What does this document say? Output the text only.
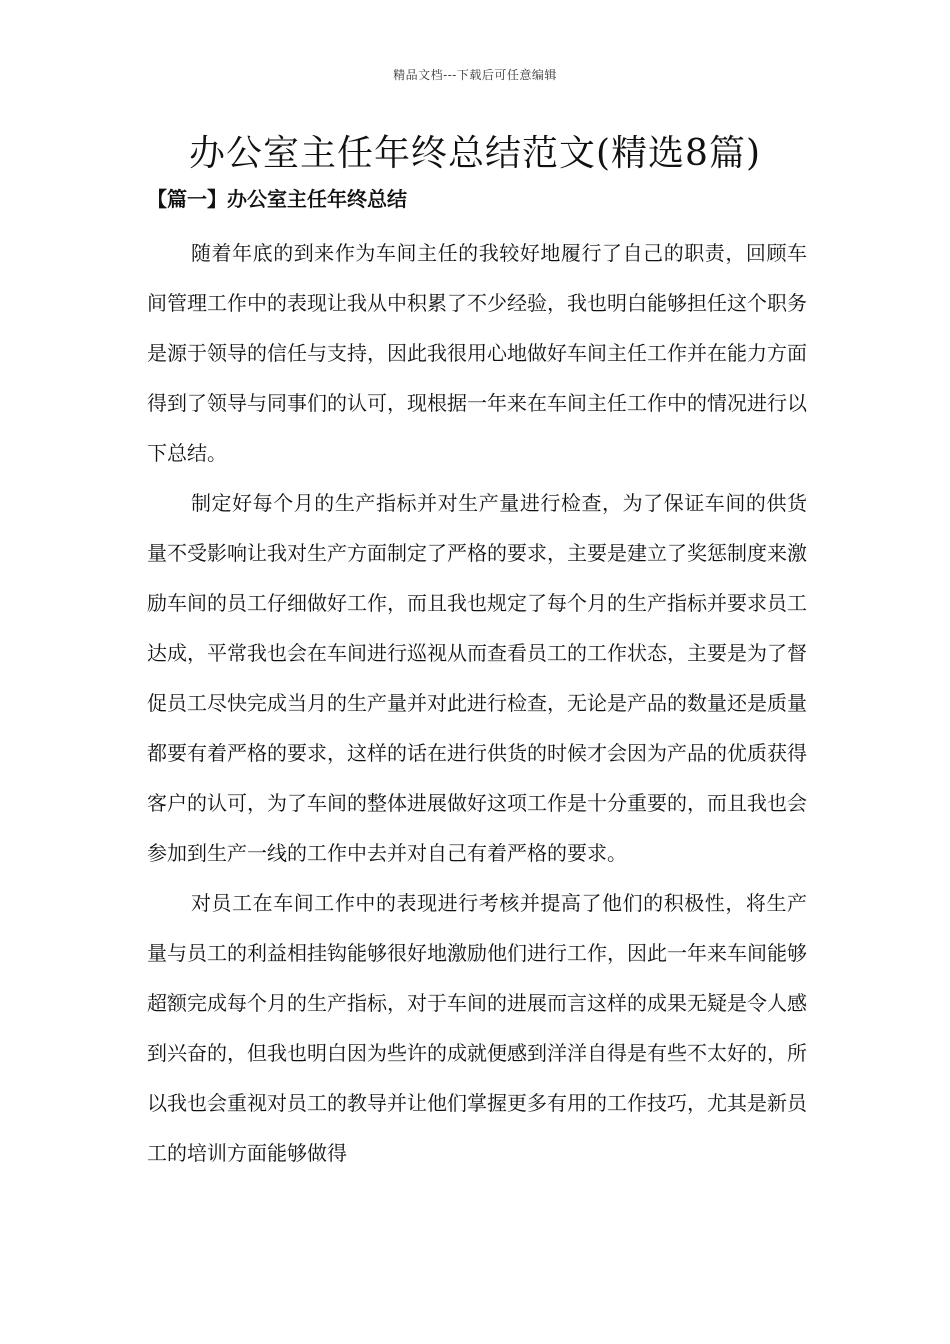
精品文档---下载后可任意编辑
办公室主任年终总结范文(精选8篇)
【篇一】办公室主任年终总结

随着年底的到来作为车间主任的我较好地履行了自己的职责，回顾车间管理工作中的表现让我从中积累了不少经验，我也明白能够担任这个职务是源于领导的信任与支持，因此我很用心地做好车间主任工作并在能力方面得到了领导与同事们的认可，现根据一年来在车间主任工作中的情况进行以下总结。

制定好每个月的生产指标并对生产量进行检查，为了保证车间的供货量不受影响让我对生产方面制定了严格的要求，主要是建立了奖惩制度来激励车间的员工仔细做好工作，而且我也规定了每个月的生产指标并要求员工达成，平常我也会在车间进行巡视从而查看员工的工作状态，主要是为了督促员工尽快完成当月的生产量并对此进行检查，无论是产品的数量还是质量都要有着严格的要求，这样的话在进行供货的时候才会因为产品的优质获得客户的认可，为了车间的整体进展做好这项工作是十分重要的，而且我也会参加到生产一线的工作中去并对自己有着严格的要求。

对员工在车间工作中的表现进行考核并提高了他们的积极性，将生产量与员工的利益相挂钩能够很好地激励他们进行工作，因此一年来车间能够超额完成每个月的生产指标，对于车间的进展而言这样的成果无疑是令人感到兴奋的，但我也明白因为些许的成就便感到洋洋自得是有些不太好的，所以我也会重视对员工的教导并让他们掌握更多有用的工作技巧，尤其是新员工的培训方面能够做得
